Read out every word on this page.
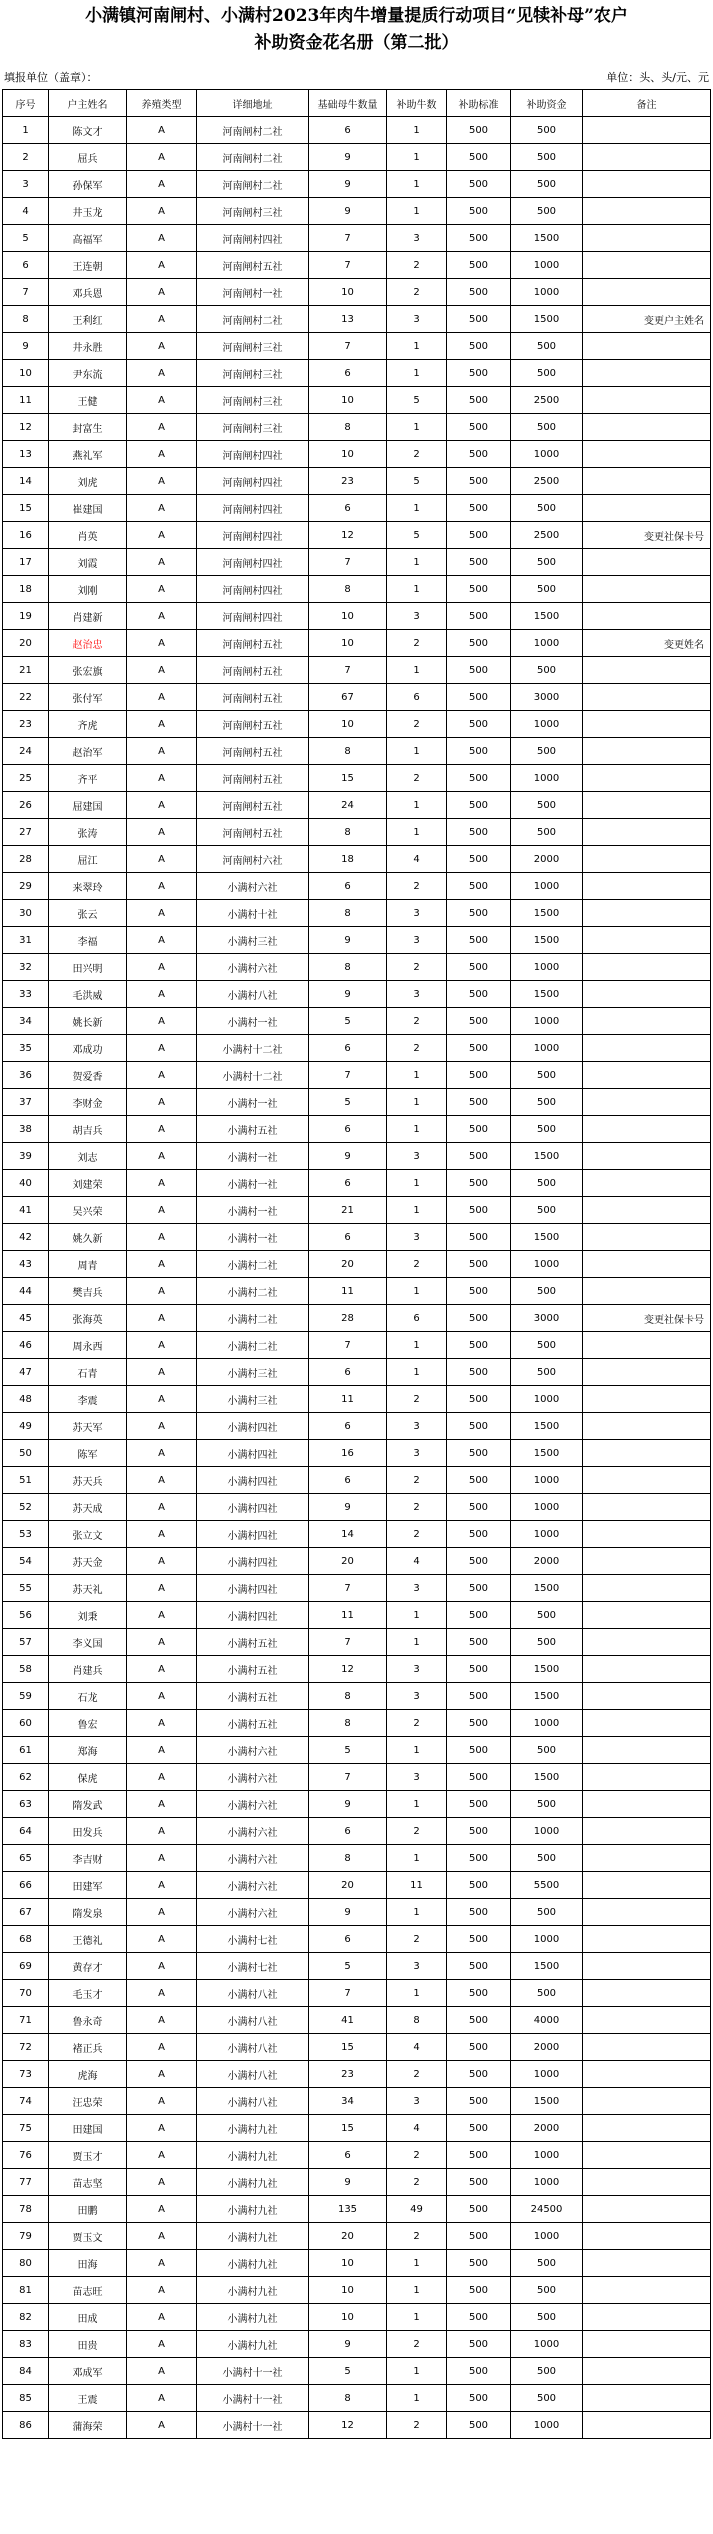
小满镇河南闸村、小满村2023年肉牛增量提质行动项目“见犊补母”农户
补助资金花名册（第二批）
填报单位（盖章）：	单位：头、头/元、元
序号	户主姓名	养殖类型	详细地址	基础母牛数量	补助牛数	补助标准	补助资金	备注
1	陈文才	A	河南闸村二社	6	1	500	500	
2	屈兵	A	河南闸村二社	9	1	500	500	
3	孙保军	A	河南闸村二社	9	1	500	500	
4	井玉龙	A	河南闸村三社	9	1	500	500	
5	高福军	A	河南闸村四社	7	3	500	1500	
6	王连朝	A	河南闸村五社	7	2	500	1000	
7	邓兵恩	A	河南闸村一社	10	2	500	1000	
8	王利红	A	河南闸村二社	13	3	500	1500	变更户主姓名
9	井永胜	A	河南闸村三社	7	1	500	500	
10	尹东流	A	河南闸村三社	6	1	500	500	
11	王健	A	河南闸村三社	10	5	500	2500	
12	封富生	A	河南闸村三社	8	1	500	500	
13	燕礼军	A	河南闸村四社	10	2	500	1000	
14	刘虎	A	河南闸村四社	23	5	500	2500	
15	崔建国	A	河南闸村四社	6	1	500	500	
16	肖英	A	河南闸村四社	12	5	500	2500	变更社保卡号
17	刘霞	A	河南闸村四社	7	1	500	500	
18	刘刚	A	河南闸村四社	8	1	500	500	
19	肖建新	A	河南闸村四社	10	3	500	1500	
20	赵治忠	A	河南闸村五社	10	2	500	1000	变更姓名
21	张宏旗	A	河南闸村五社	7	1	500	500	
22	张付军	A	河南闸村五社	67	6	500	3000	
23	齐虎	A	河南闸村五社	10	2	500	1000	
24	赵治军	A	河南闸村五社	8	1	500	500	
25	齐平	A	河南闸村五社	15	2	500	1000	
26	屈建国	A	河南闸村五社	24	1	500	500	
27	张涛	A	河南闸村五社	8	1	500	500	
28	屈江	A	河南闸村六社	18	4	500	2000	
29	来翠玲	A	小满村六社	6	2	500	1000	
30	张云	A	小满村十社	8	3	500	1500	
31	李福	A	小满村三社	9	3	500	1500	
32	田兴明	A	小满村六社	8	2	500	1000	
33	毛洪威	A	小满村八社	9	3	500	1500	
34	姚长新	A	小满村一社	5	2	500	1000	
35	邓成功	A	小满村十二社	6	2	500	1000	
36	贺爱香	A	小满村十二社	7	1	500	500	
37	李财金	A	小满村一社	5	1	500	500	
38	胡吉兵	A	小满村五社	6	1	500	500	
39	刘志	A	小满村一社	9	3	500	1500	
40	刘建荣	A	小满村一社	6	1	500	500	
41	吴兴荣	A	小满村一社	21	1	500	500	
42	姚久新	A	小满村一社	6	3	500	1500	
43	周青	A	小满村二社	20	2	500	1000	
44	樊吉兵	A	小满村二社	11	1	500	500	
45	张海英	A	小满村二社	28	6	500	3000	变更社保卡号
46	周永西	A	小满村二社	7	1	500	500	
47	石青	A	小满村三社	6	1	500	500	
48	李震	A	小满村三社	11	2	500	1000	
49	苏天军	A	小满村四社	6	3	500	1500	
50	陈军	A	小满村四社	16	3	500	1500	
51	苏天兵	A	小满村四社	6	2	500	1000	
52	苏天成	A	小满村四社	9	2	500	1000	
53	张立文	A	小满村四社	14	2	500	1000	
54	苏天金	A	小满村四社	20	4	500	2000	
55	苏天礼	A	小满村四社	7	3	500	1500	
56	刘秉	A	小满村四社	11	1	500	500	
57	李义国	A	小满村五社	7	1	500	500	
58	肖建兵	A	小满村五社	12	3	500	1500	
59	石龙	A	小满村五社	8	3	500	1500	
60	鲁宏	A	小满村五社	8	2	500	1000	
61	郑海	A	小满村六社	5	1	500	500	
62	保虎	A	小满村六社	7	3	500	1500	
63	隋发武	A	小满村六社	9	1	500	500	
64	田发兵	A	小满村六社	6	2	500	1000	
65	李吉财	A	小满村六社	8	1	500	500	
66	田建军	A	小满村六社	20	11	500	5500	
67	隋发泉	A	小满村六社	9	1	500	500	
68	王德礼	A	小满村七社	6	2	500	1000	
69	黄存才	A	小满村七社	5	3	500	1500	
70	毛玉才	A	小满村八社	7	1	500	500	
71	鲁永奇	A	小满村八社	41	8	500	4000	
72	褚正兵	A	小满村八社	15	4	500	2000	
73	虎海	A	小满村八社	23	2	500	1000	
74	汪忠荣	A	小满村八社	34	3	500	1500	
75	田建国	A	小满村九社	15	4	500	2000	
76	贾玉才	A	小满村九社	6	2	500	1000	
77	苗志坚	A	小满村九社	9	2	500	1000	
78	田鹏	A	小满村九社	135	49	500	24500	
79	贾玉文	A	小满村九社	20	2	500	1000	
80	田海	A	小满村九社	10	1	500	500	
81	苗志旺	A	小满村九社	10	1	500	500	
82	田成	A	小满村九社	10	1	500	500	
83	田贵	A	小满村九社	9	2	500	1000	
84	邓成军	A	小满村十一社	5	1	500	500	
85	王震	A	小满村十一社	8	1	500	500	
86	蒲海荣	A	小满村十一社	12	2	500	1000	
